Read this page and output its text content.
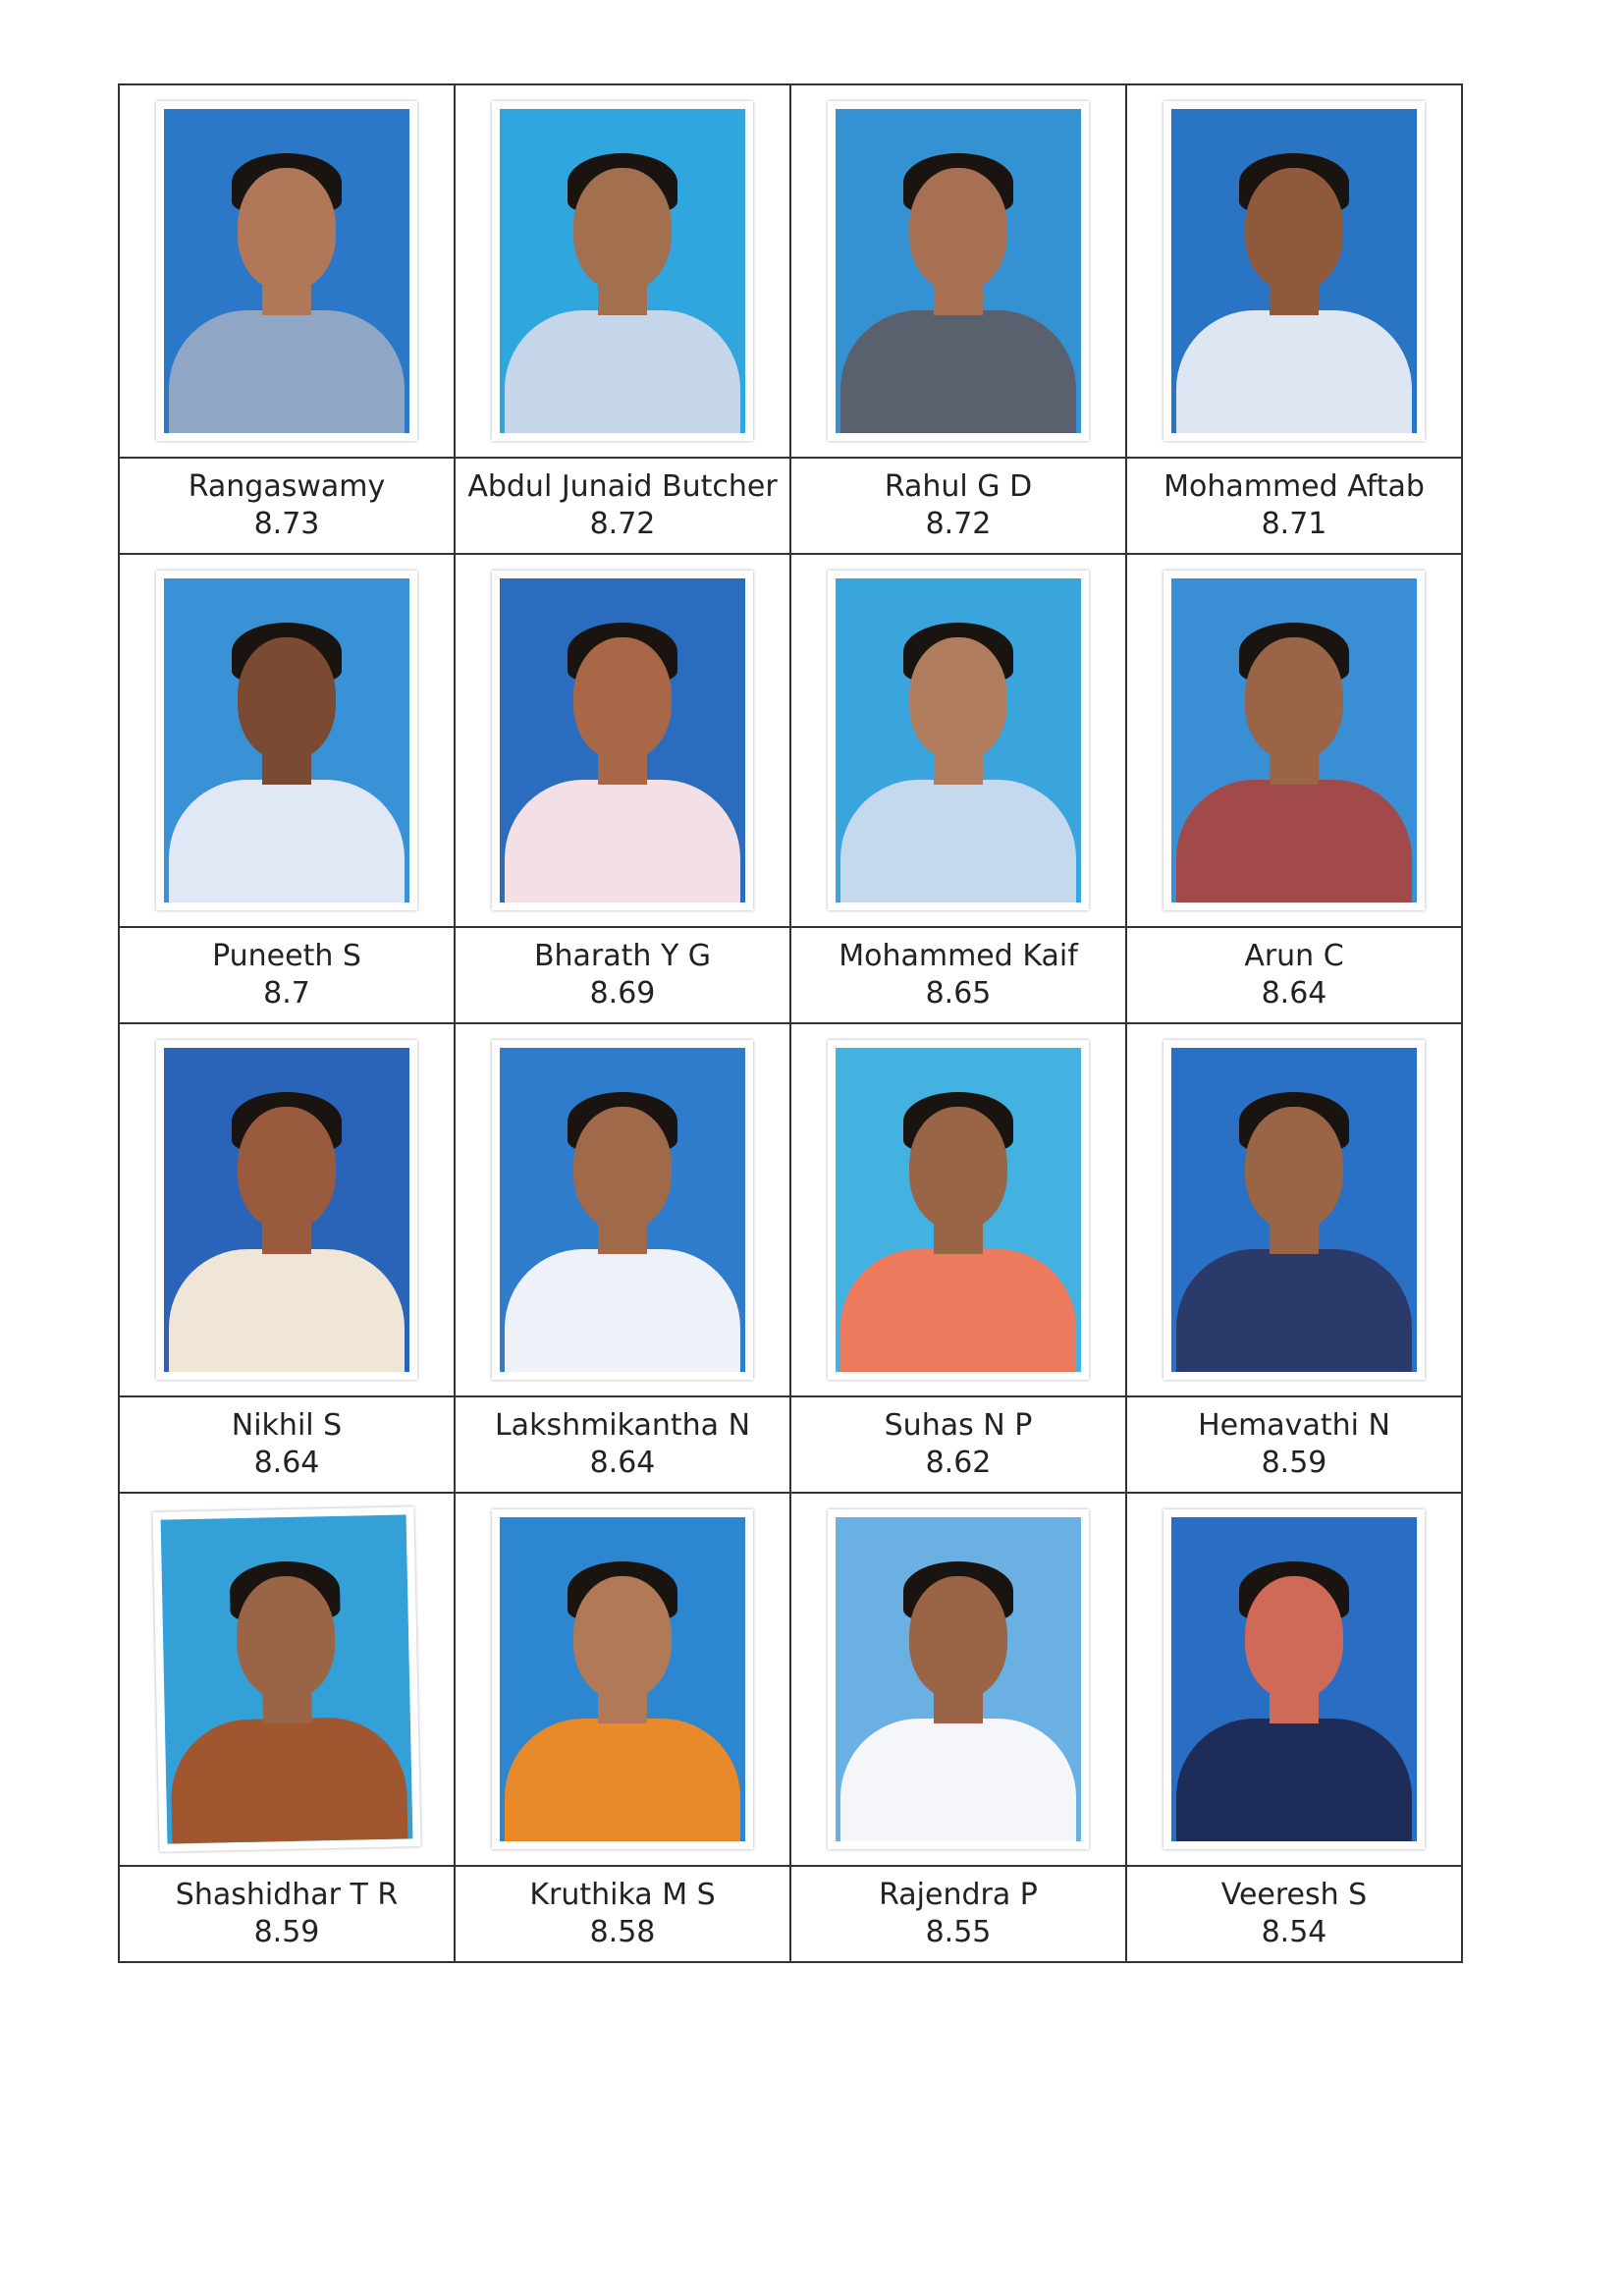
Rangaswamy
8.73
Abdul Junaid Butcher
8.72
Rahul G D
8.72
Mohammed Aftab
8.71
Puneeth S
8.7
Bharath Y G
8.69
Mohammed Kaif
8.65
Arun C
8.64
Nikhil S
8.64
Lakshmikantha N
8.64
Suhas N P
8.62
Hemavathi N
8.59
Shashidhar T R
8.59
Kruthika M S
8.58
Rajendra P
8.55
Veeresh S
8.54
